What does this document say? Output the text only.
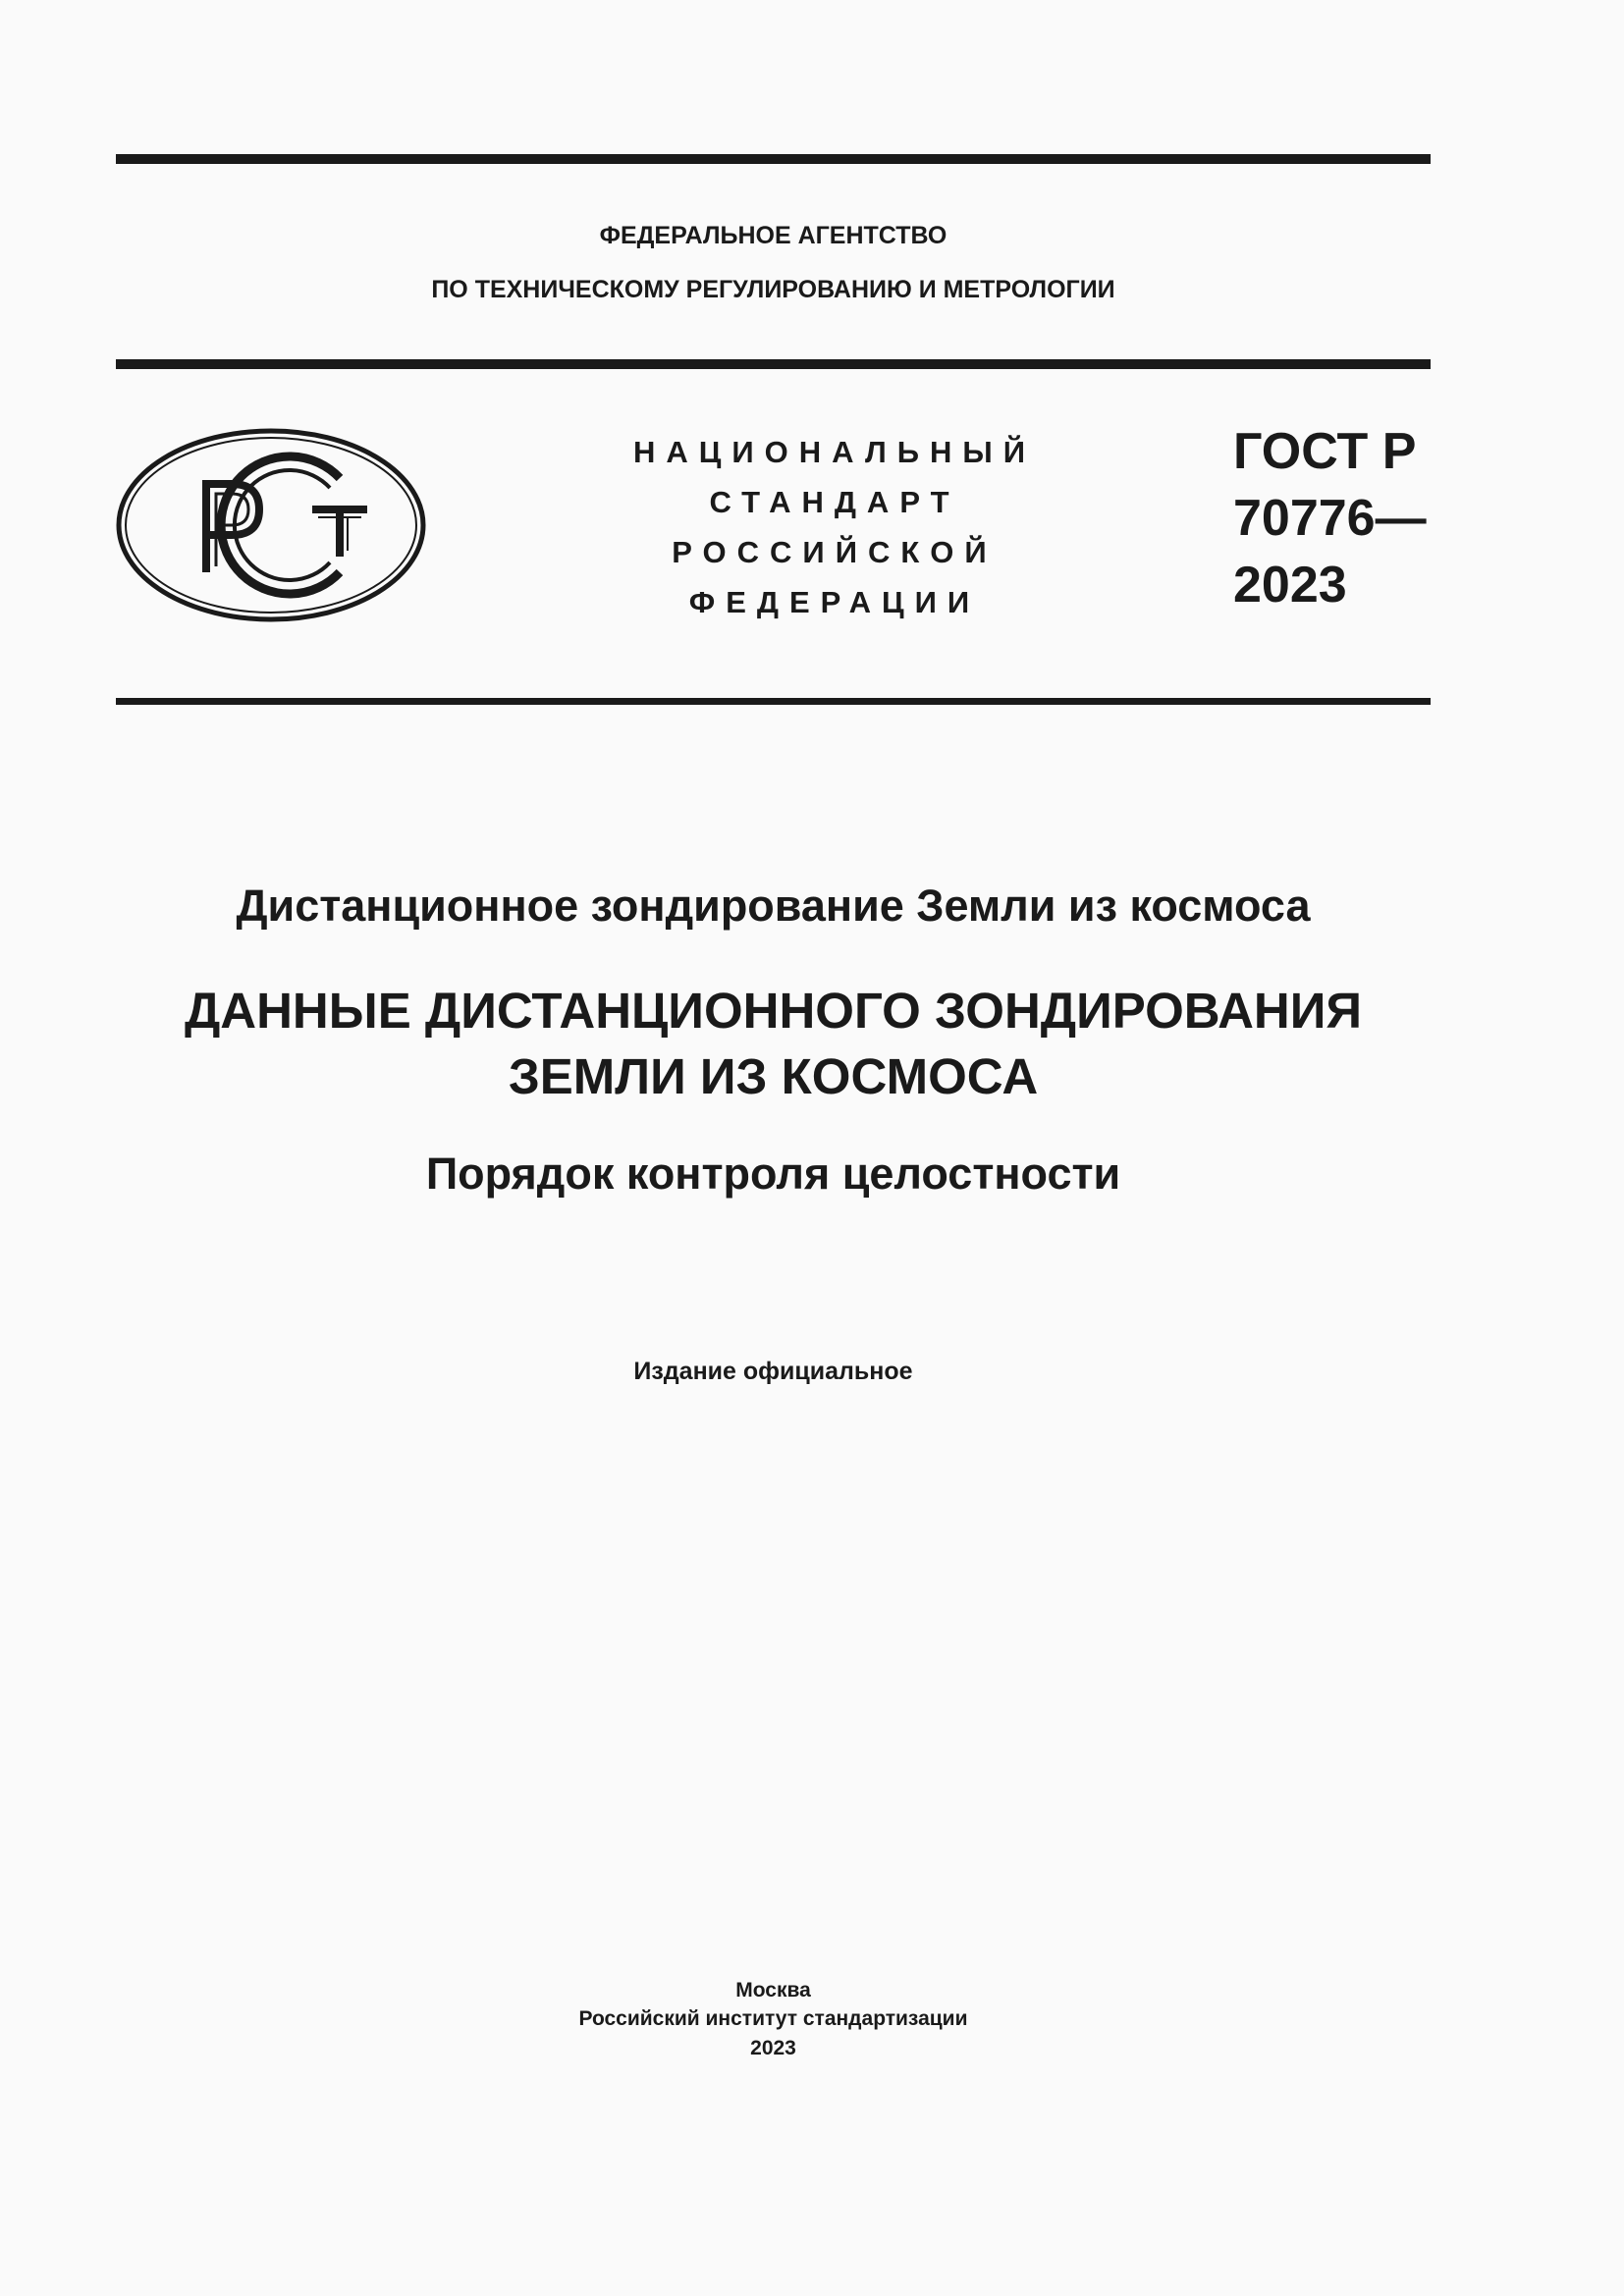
ФЕДЕРАЛЬНОЕ АГЕНТСТВО
ПО ТЕХНИЧЕСКОМУ РЕГУЛИРОВАНИЮ И МЕТРОЛОГИИ
НАЦИОНАЛЬНЫЙ
СТАНДАРТ
РОССИЙСКОЙ
ФЕДЕРАЦИИ
ГОСТ Р
70776—
2023
Дистанционное зондирование Земли из космоса
ДАННЫЕ ДИСТАНЦИОННОГО ЗОНДИРОВАНИЯ
ЗЕМЛИ ИЗ КОСМОСА
Порядок контроля целостности
Издание официальное
Москва
Российский институт стандартизации
2023
